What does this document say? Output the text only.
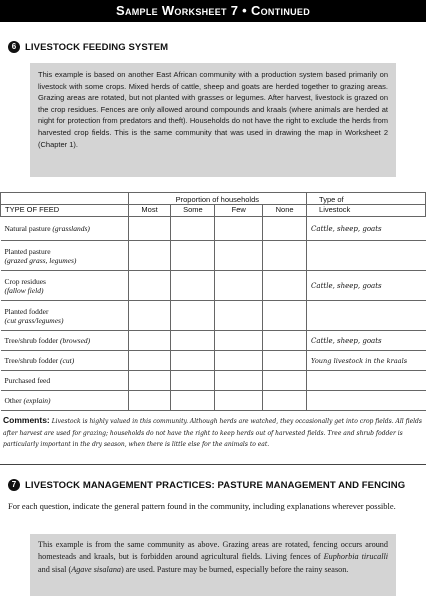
Sample Worksheet 7 • Continued
6 LIVESTOCK FEEDING SYSTEM
This example is based on another East African community with a production system based primarily on livestock with some crops. Mixed herds of cattle, sheep and goats are herded together to grazing areas. Grazing areas are rotated, but not planted with grasses or legumes. After harvest, livestock is grazed on the crop residues. Fences are only allowed around compounds and kraals (where animals are herded at night for protection from predators and theft). Households do not have the right to exclude the herds from harvested crop fields. This is the same community that was used in drawing the map in Worksheet 2 (Chapter 1).
	Proportion of households				Type of
TYPE OF FEED	Most	Some	Few	None	Livestock
Natural pasture (grasslands)					Cattle, sheep, goats
Planted pasture
(grazed grass, legumes)					
Crop residues
(fallow field)					Cattle, sheep, goats
Planted fodder
(cut grass/legumes)					
Tree/shrub fodder (browsed)					Cattle, sheep, goats
Tree/shrub fodder (cut)					Young livestock in the kraals
Purchased feed					
Other (explain)					
Comments: Livestock is highly valued in this community. Although herds are watched, they occasionally get into crop fields. All fields after harvest are used for grazing; households do not have the right to keep herds out of harvested fields. Tree and shrub fodder is particularly important in the dry season, when there is little else for the animals to eat.
7 LIVESTOCK MANAGEMENT PRACTICES: PASTURE MANAGEMENT AND FENCING
For each question, indicate the general pattern found in the community, including explanations wherever possible.
This example is from the same community as above. Grazing areas are rotated, fencing occurs around homesteads and kraals, but is forbidden around agricultural fields. Living fences of Euphorbia tirucalli and sisal (Agave sisalana) are used. Pasture may be burned, especially before the rainy season.
